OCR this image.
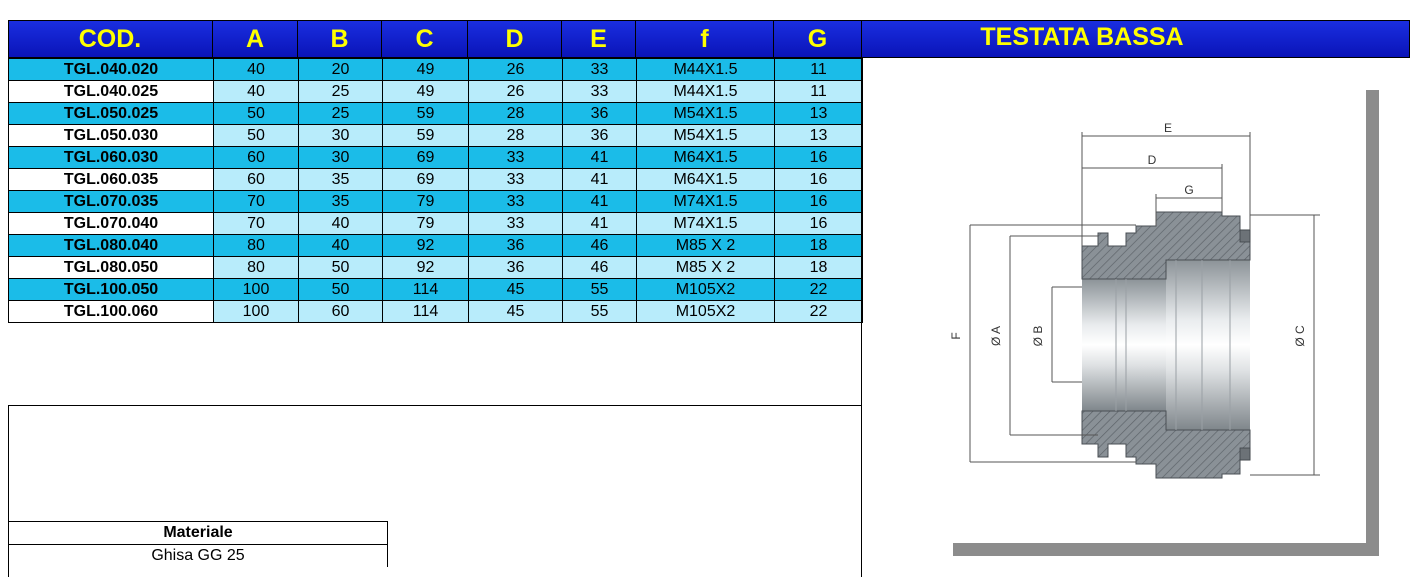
COD.	A	B	C	D	E	f	G	TESTATA BASSA
TGL.040.020	40	20	49	26	33	M44X1.5	11
TGL.040.025	40	25	49	26	33	M44X1.5	11
TGL.050.025	50	25	59	28	36	M54X1.5	13
TGL.050.030	50	30	59	28	36	M54X1.5	13
TGL.060.030	60	30	69	33	41	M64X1.5	16
TGL.060.035	60	35	69	33	41	M64X1.5	16
TGL.070.035	70	35	79	33	41	M74X1.5	16
TGL.070.040	70	40	79	33	41	M74X1.5	16
TGL.080.040	80	40	92	36	46	M85 X 2	18
TGL.080.050	80	50	92	36	46	M85 X 2	18
TGL.100.050	100	50	114	45	55	M105X2	22
TGL.100.060	100	60	114	45	55	M105X2	22
Materiale
Ghisa GG 25
E
D
G
F Ø A Ø B	Ø C
